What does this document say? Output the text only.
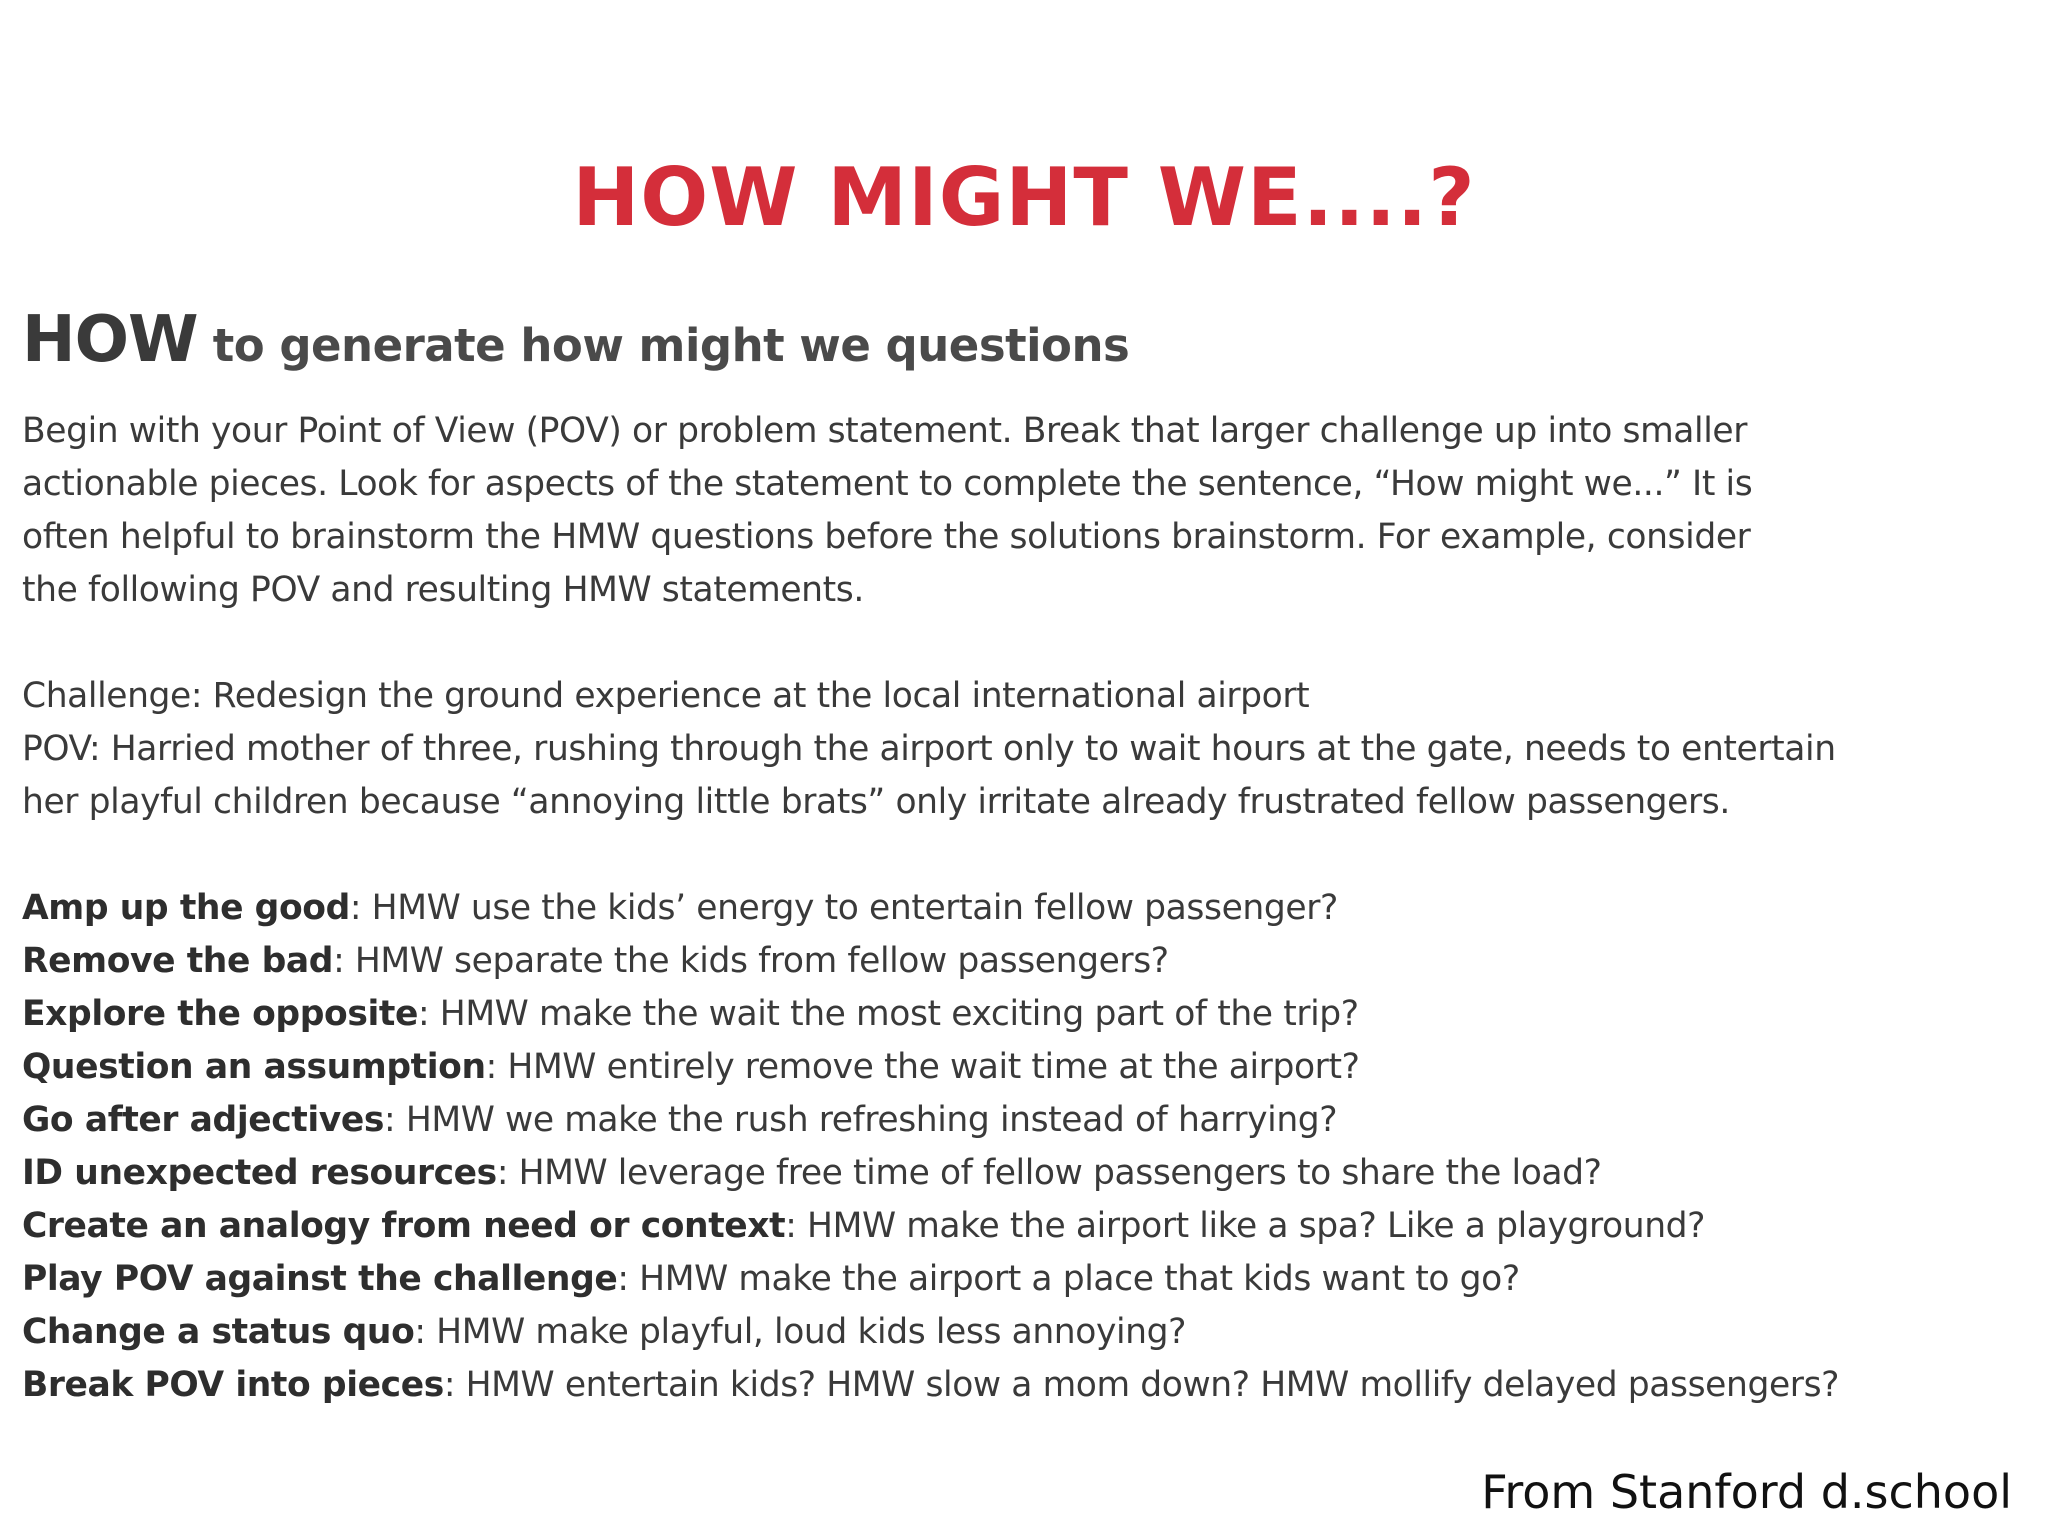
HOW MIGHT WE....?
HOW to generate how might we questions

Begin with your Point of View (POV) or problem statement. Break that larger challenge up into smaller
actionable pieces. Look for aspects of the statement to complete the sentence, “How might we...” It is
often helpful to brainstorm the HMW questions before the solutions brainstorm. For example, consider
the following POV and resulting HMW statements.
Challenge: Redesign the ground experience at the local international airport
POV: Harried mother of three, rushing through the airport only to wait hours at the gate, needs to entertain
her playful children because “annoying little brats” only irritate already frustrated fellow passengers.

Amp up the good: HMW use the kids’ energy to entertain fellow passenger?
Remove the bad: HMW separate the kids from fellow passengers?
Explore the opposite: HMW make the wait the most exciting part of the trip?
Question an assumption: HMW entirely remove the wait time at the airport?
Go after adjectives: HMW we make the rush refreshing instead of harrying?
ID unexpected resources: HMW leverage free time of fellow passengers to share the load?
Create an analogy from need or context: HMW make the airport like a spa? Like a playground?
Play POV against the challenge: HMW make the airport a place that kids want to go?
Change a status quo: HMW make playful, loud kids less annoying?
Break POV into pieces: HMW entertain kids? HMW slow a mom down? HMW mollify delayed passengers?

From Stanford d.school
